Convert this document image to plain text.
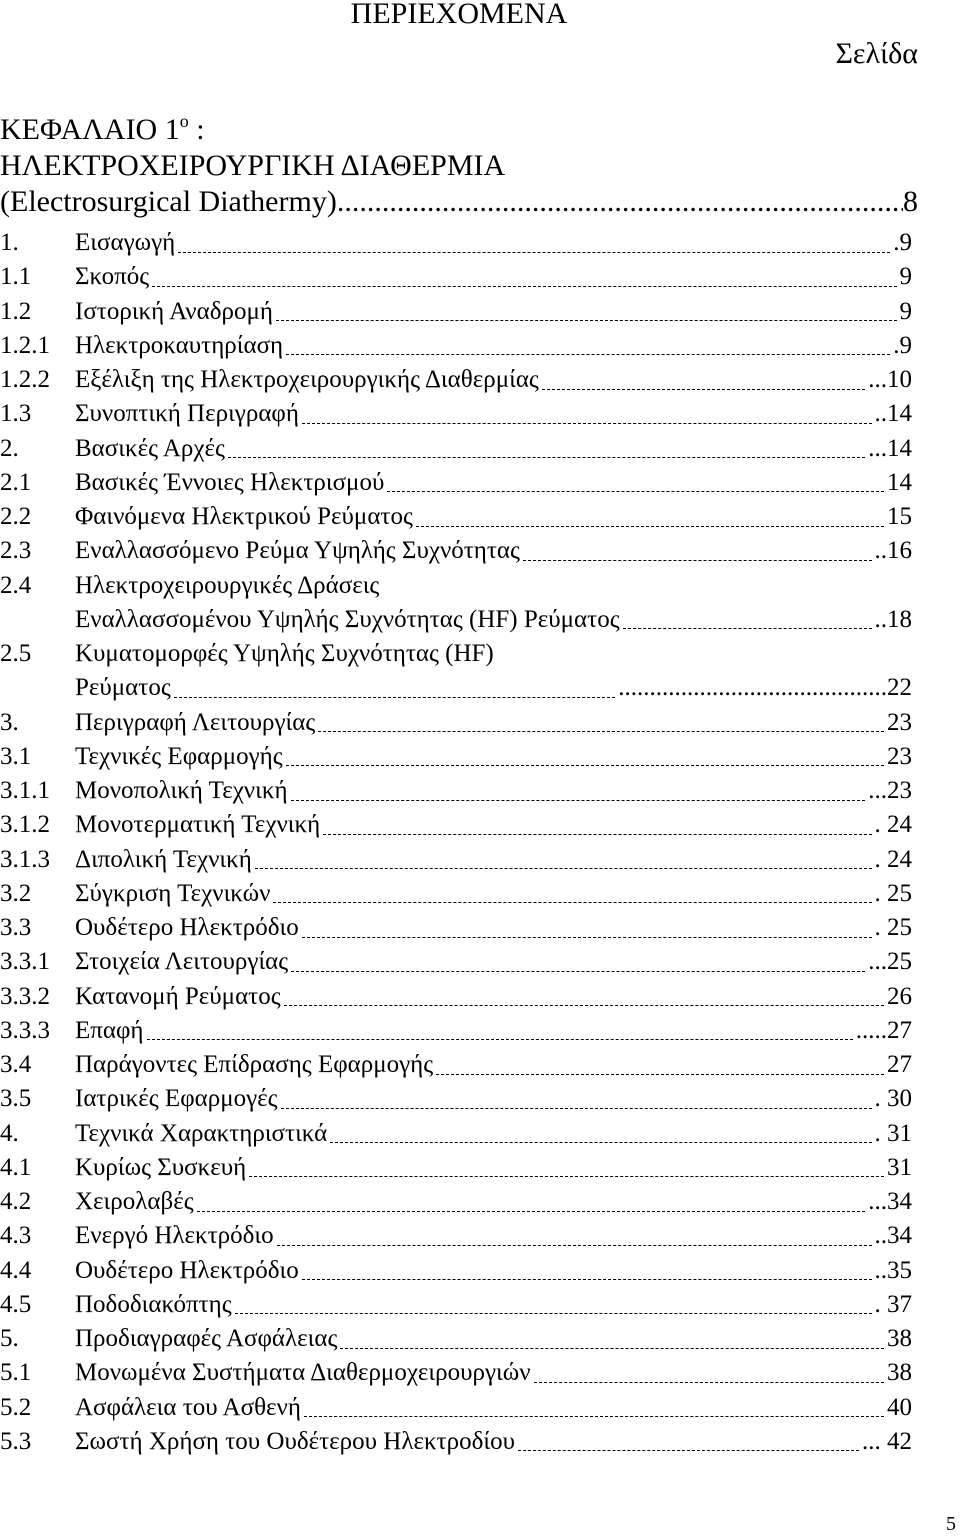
ΠΕΡΙΕΧΟΜΕΝΑ
Σελίδα
ΚΕΦΑΛΑΙΟ $1^o$ :
ΗΛΕΚΤΡΟΧΕΙΡΟΥΡΓΙΚΗ ΔΙΑΘΕΡΜΙΑ
(Electrosurgical Diathermy) .....	8
1.	Εισαγωγή	.9
1.1	Σκοπός	9
1.2	Ιστορική Αναδρομή	9
1.2.1	Ηλεκτροκαυτηρίαση	.9
1.2.2	Εξέλιξη της Ηλεκτροχειρουργικής Διαθερμίας	...10
1.3	Συνοπτική Περιγραφή	..14
2.	Βασικές Αρχές	...14
2.1	Βασικές Έννοιες Ηλεκτρισμού	14
2.2	Φαινόμενα Ηλεκτρικού Ρεύματος	15
2.3	Εναλλασσόμενο Ρεύμα Υψηλής Συχνότητας	..16
2.4	Ηλεκτροχειρουργικές Δράσεις
Εναλλασσομένου Υψηλής Συχνότητας (HF) Ρεύματος	..18
2.5	Κυματομορφές Υψηλής Συχνότητας (HF)
Ρεύματος	...........................................22
3.	Περιγραφή Λειτουργίας	23
3.1	Τεχνικές Εφαρμογής	23
3.1.1	Μονοπολική Τεχνική	...23
3.1.2	Μονοτερματική Τεχνική	. 24
3.1.3	Διπολική Τεχνική	. 24
3.2	Σύγκριση Τεχνικών	. 25
3.3	Ουδέτερο Ηλεκτρόδιο	. 25
3.3.1	Στοιχεία Λειτουργίας	...25
3.3.2	Κατανομή Ρεύματος	26
3.3.3	Επαφή	.....27
3.4	Παράγοντες Επίδρασης Εφαρμογής	27
3.5	Ιατρικές Εφαρμογές	. 30
4.	Τεχνικά Χαρακτηριστικά	. 31
4.1	Κυρίως Συσκευή	31
4.2	Χειρολαβές	...34
4.3	Ενεργό Ηλεκτρόδιο	..34
4.4	Ουδέτερο Ηλεκτρόδιο	..35
4.5	Ποδοδιακόπτης	. 37
5.	Προδιαγραφές Ασφάλειας	38
5.1	Μονωμένα Συστήματα Διαθερμοχειρουργιών	38
5.2	Ασφάλεια του Ασθενή	40
5.3	Σωστή Χρήση του Ουδέτερου Ηλεκτροδίου	... 42
5
